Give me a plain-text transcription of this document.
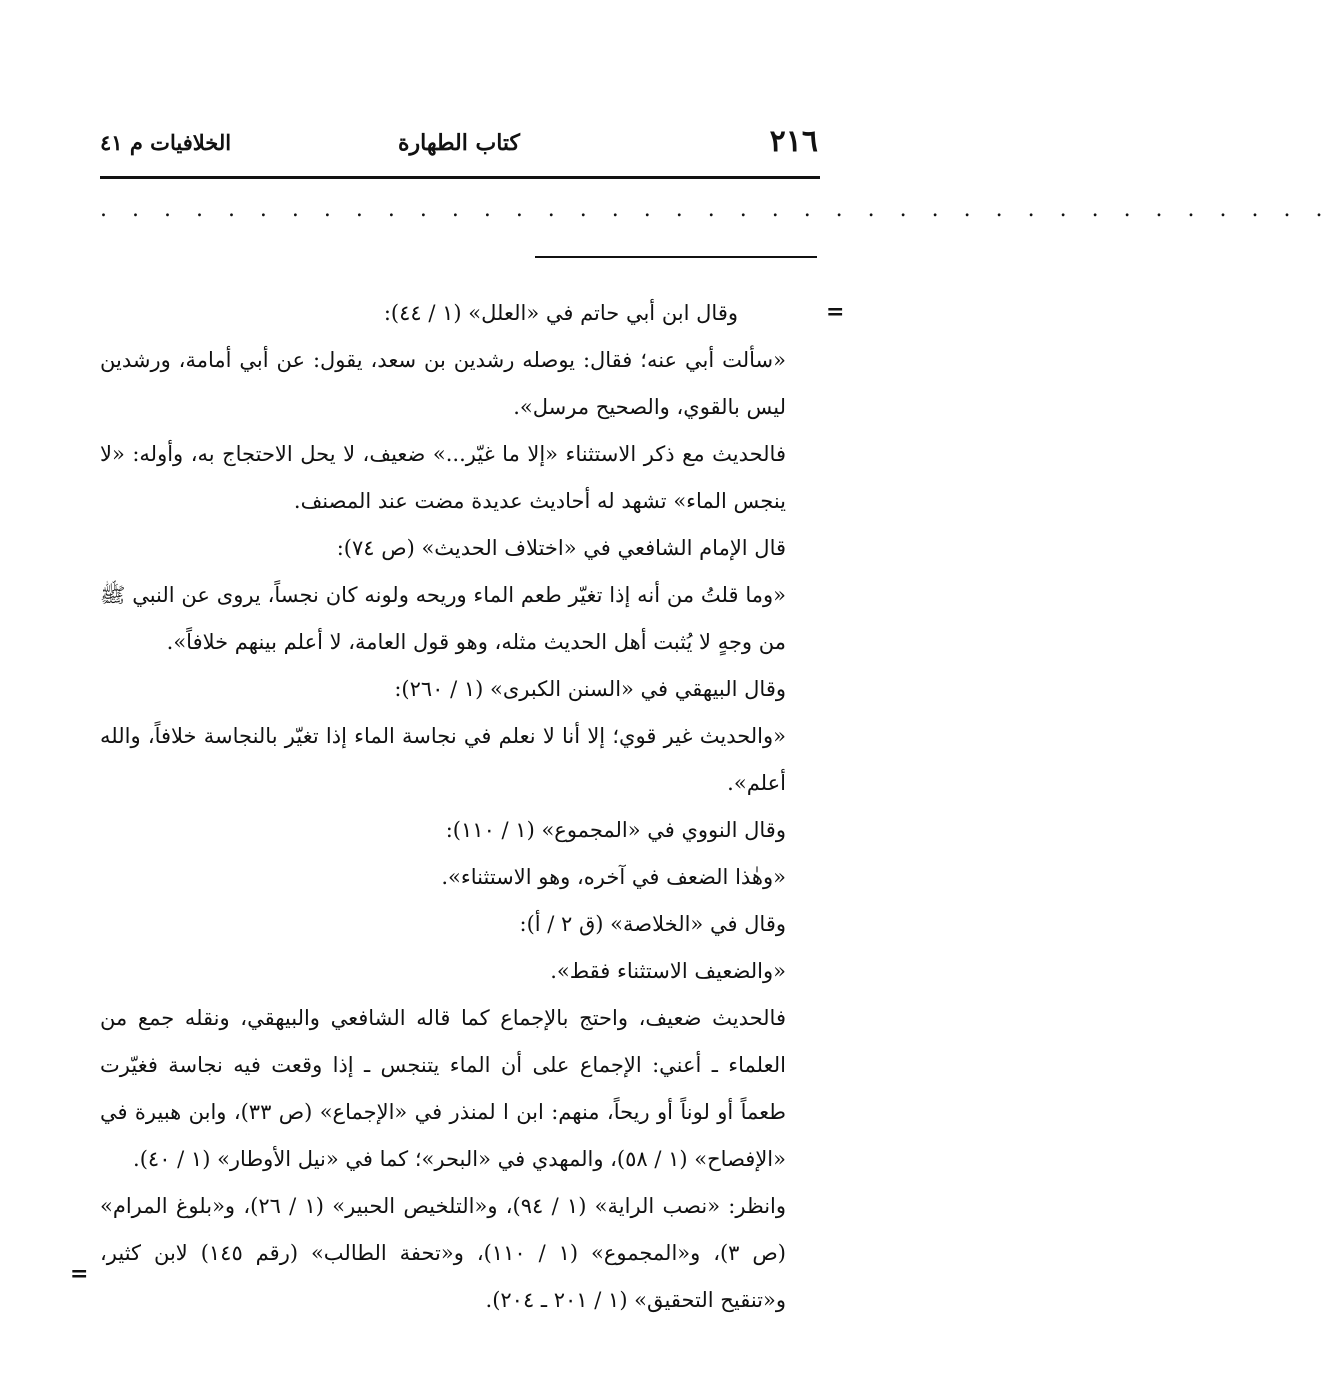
٢١٦
كتاب الطهارة
الخلافيات م ٤١
. . . . . . . . . . . . . . . . . . . . . . . . . . . . . . . . . . . . . . .
=
=

وقال ابن أبي حاتم في «العلل» (١ / ٤٤):

«سألت أبي عنه؛ فقال: يوصله رشدين بن سعد، يقول: عن أبي أمامة، ورشدين ليس بالقوي، والصحيح مرسل».

فالحديث مع ذكر الاستثناء «إلا ما غيّر...» ضعيف، لا يحل الاحتجاج به، وأوله: «لا ينجس الماء» تشهد له أحاديث عديدة مضت عند المصنف.

قال الإمام الشافعي في «اختلاف الحديث» (ص ٧٤):

«وما قلتُ من أنه إذا تغيّر طعم الماء وريحه ولونه كان نجساً، يروى عن النبي ﷺ من وجهٍ لا يُثبت أهل الحديث مثله، وهو قول العامة، لا أعلم بينهم خلافاً».

وقال البيهقي في «السنن الكبرى» (١ / ٢٦٠):

«والحديث غير قوي؛ إلا أنا لا نعلم في نجاسة الماء إذا تغيّر بالنجاسة خلافاً، والله أعلم».

وقال النووي في «المجموع» (١ / ١١٠):

«وهٰذا الضعف في آخره، وهو الاستثناء».

وقال في «الخلاصة» (ق ٢ / أ):

«والضعيف الاستثناء فقط».

فالحديث ضعيف، واحتج بالإجماع كما قاله الشافعي والبيهقي، ونقله جمع من العلماء ـ أعني: الإجماع على أن الماء يتنجس ـ إذا وقعت فيه نجاسة فغيّرت طعماً أو لوناً أو ريحاً، منهم: ابن ا لمنذر في «الإجماع» (ص ٣٣)، وابن هبيرة في «الإفصاح» (١ / ٥٨)، والمهدي في «البحر»؛ كما في «نيل الأوطار» (١ / ٤٠).

وانظر: «نصب الراية» (١ / ٩٤)، و«التلخيص الحبير» (١ / ٢٦)، و«بلوغ المرام» (ص ٣)، و«المجموع» (١ / ١١٠)، و«تحفة الطالب» (رقم ١٤٥) لابن كثير، و«تنقيح التحقيق» (١ / ٢٠١ ـ ٢٠٤).
